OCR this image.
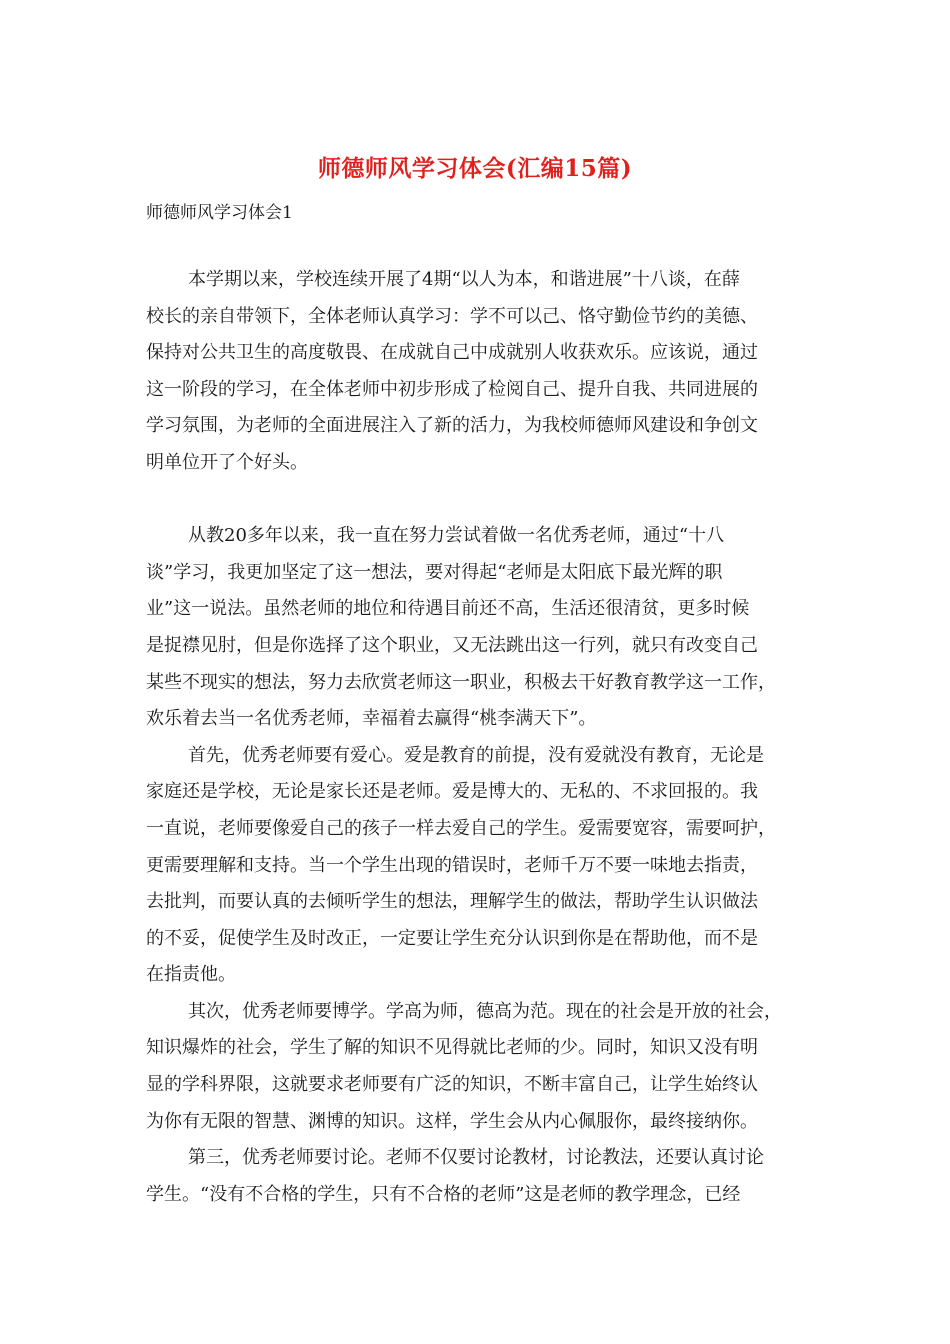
师德师风学习体会(汇编15篇)
师德师风学习体会1
本学期以来，学校连续开展了4期“以人为本，和谐进展”十八谈，在薛
校长的亲自带领下，全体老师认真学习：学不可以己、恪守勤俭节约的美德、
保持对公共卫生的高度敬畏、在成就自己中成就别人收获欢乐。应该说，通过
这一阶段的学习，在全体老师中初步形成了检阅自己、提升自我、共同进展的
学习氛围，为老师的全面进展注入了新的活力，为我校师德师风建设和争创文
明单位开了个好头。
从教20多年以来，我一直在努力尝试着做一名优秀老师，通过“十八
谈”学习，我更加坚定了这一想法，要对得起“老师是太阳底下最光辉的职
业”这一说法。虽然老师的地位和待遇目前还不高，生活还很清贫，更多时候
是捉襟见肘，但是你选择了这个职业，又无法跳出这一行列，就只有改变自己
某些不现实的想法，努力去欣赏老师这一职业，积极去干好教育教学这一工作，
欢乐着去当一名优秀老师，幸福着去赢得“桃李满天下”。
首先，优秀老师要有爱心。爱是教育的前提，没有爱就没有教育，无论是
家庭还是学校，无论是家长还是老师。爱是博大的、无私的、不求回报的。我
一直说，老师要像爱自己的孩子一样去爱自己的学生。爱需要宽容，需要呵护，
更需要理解和支持。当一个学生出现的错误时，老师千万不要一味地去指责，
去批判，而要认真的去倾听学生的想法，理解学生的做法，帮助学生认识做法
的不妥，促使学生及时改正，一定要让学生充分认识到你是在帮助他，而不是
在指责他。
其次，优秀老师要博学。学高为师，德高为范。现在的社会是开放的社会，
知识爆炸的社会，学生了解的知识不见得就比老师的少。同时，知识又没有明
显的学科界限，这就要求老师要有广泛的知识，不断丰富自己，让学生始终认
为你有无限的智慧、渊博的知识。这样，学生会从内心佩服你，最终接纳你。
第三，优秀老师要讨论。老师不仅要讨论教材，讨论教法，还要认真讨论
学生。“没有不合格的学生，只有不合格的老师”这是老师的教学理念，已经
